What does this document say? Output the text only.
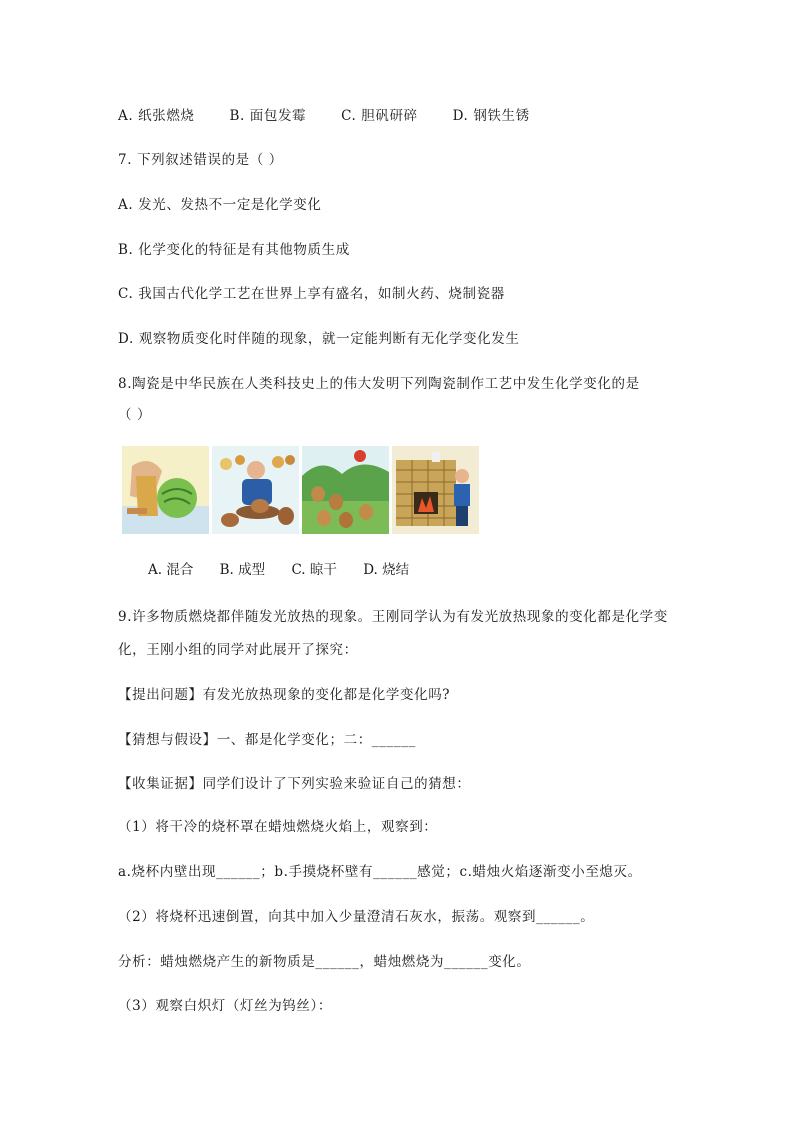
A. 纸张燃烧	B. 面包发霉	C. 胆矾研碎	D. 钢铁生锈
7. 下列叙述错误的是（ ）
A. 发光、发热不一定是化学变化
B. 化学变化的特征是有其他物质生成
C. 我国古代化学工艺在世界上享有盛名，如制火药、烧制瓷器
D. 观察物质变化时伴随的现象，就一定能判断有无化学变化发生
8.陶瓷是中华民族在人类科技史上的伟大发明下列陶瓷制作工艺中发生化学变化的是
（ ）
A. 混合 B. 成型 C. 晾干 D. 烧结
9.许多物质燃烧都伴随发光放热的现象。王刚同学认为有发光放热现象的变化都是化学变
化，王刚小组的同学对此展开了探究：
【提出问题】有发光放热现象的变化都是化学变化吗?
【猜想与假设】一、都是化学变化；二：______
【收集证据】同学们设计了下列实验来验证自己的猜想：
（1）将干冷的烧杯罩在蜡烛燃烧火焰上，观察到：
a.烧杯内壁出现______；b.手摸烧杯壁有______感觉；c.蜡烛火焰逐渐变小至熄灭。
（2）将烧杯迅速倒置，向其中加入少量澄清石灰水，振荡。观察到______。
分析：蜡烛燃烧产生的新物质是______，蜡烛燃烧为______变化。
（3）观察白炽灯（灯丝为钨丝）：
